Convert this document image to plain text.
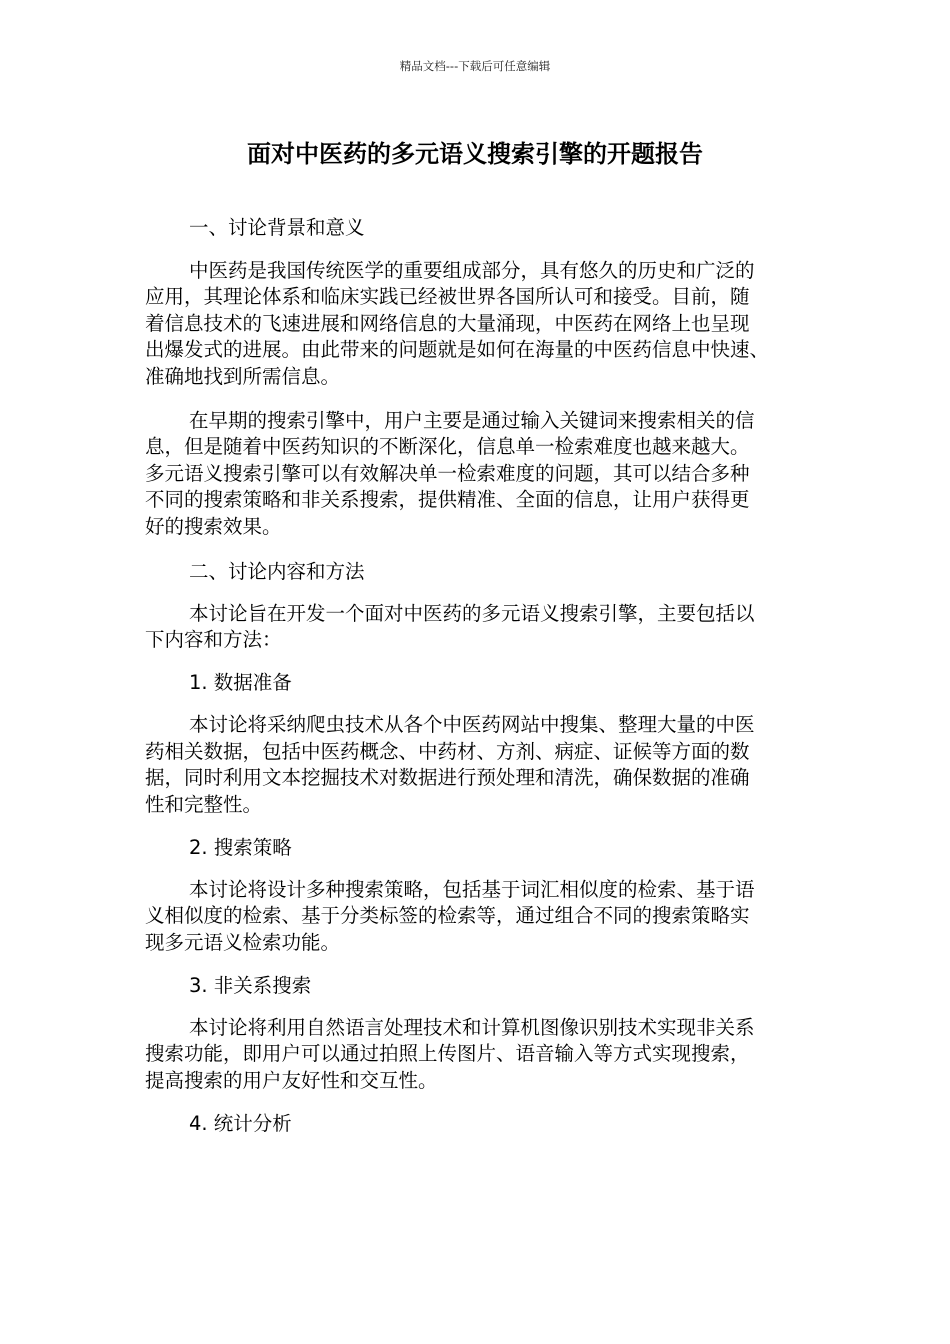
精品文档---下载后可任意编辑
面对中医药的多元语义搜索引擎的开题报告
一、讨论背景和意义
中医药是我国传统医学的重要组成部分，具有悠久的历史和广泛的
应用，其理论体系和临床实践已经被世界各国所认可和接受。目前，随
着信息技术的飞速进展和网络信息的大量涌现，中医药在网络上也呈现
出爆发式的进展。由此带来的问题就是如何在海量的中医药信息中快速、
准确地找到所需信息。
在早期的搜索引擎中，用户主要是通过输入关键词来搜索相关的信
息，但是随着中医药知识的不断深化，信息单一检索难度也越来越大。
多元语义搜索引擎可以有效解决单一检索难度的问题，其可以结合多种
不同的搜索策略和非关系搜索，提供精准、全面的信息，让用户获得更
好的搜索效果。
二、讨论内容和方法
本讨论旨在开发一个面对中医药的多元语义搜索引擎，主要包括以
下内容和方法：
1. 数据准备
本讨论将采纳爬虫技术从各个中医药网站中搜集、整理大量的中医
药相关数据，包括中医药概念、中药材、方剂、病症、证候等方面的数
据，同时利用文本挖掘技术对数据进行预处理和清洗，确保数据的准确
性和完整性。
2. 搜索策略
本讨论将设计多种搜索策略，包括基于词汇相似度的检索、基于语
义相似度的检索、基于分类标签的检索等，通过组合不同的搜索策略实
现多元语义检索功能。
3. 非关系搜索
本讨论将利用自然语言处理技术和计算机图像识别技术实现非关系
搜索功能，即用户可以通过拍照上传图片、语音输入等方式实现搜索，
提高搜索的用户友好性和交互性。
4. 统计分析
